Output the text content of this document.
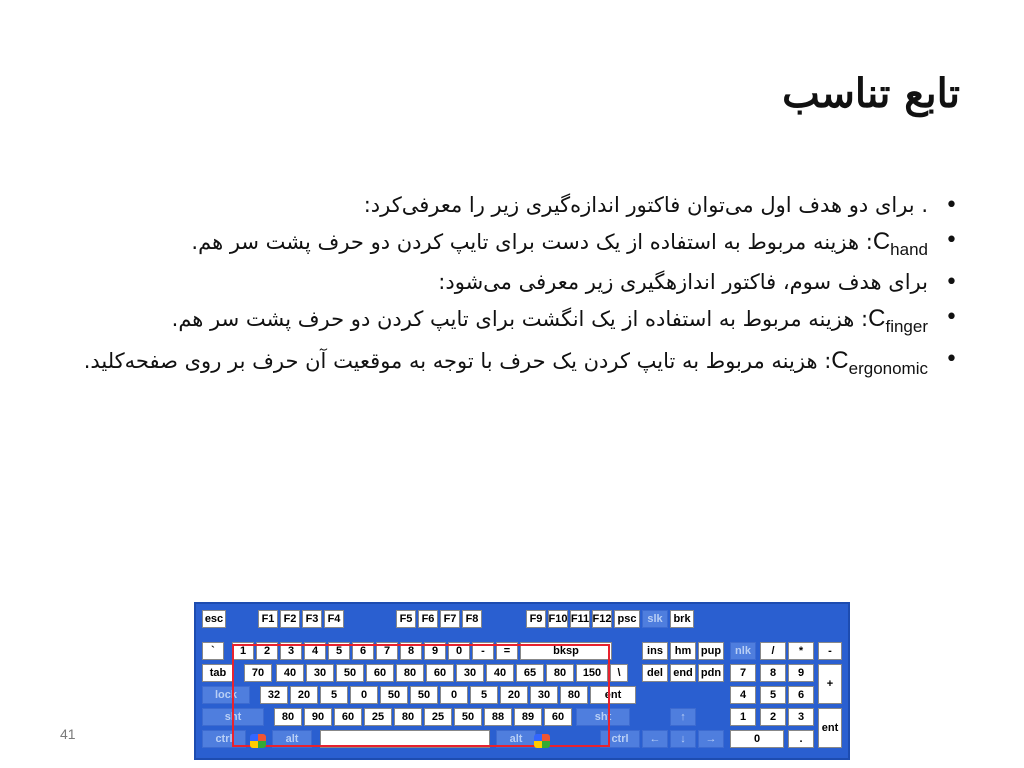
تابع تناسب
•
. برای دو هدف اول می‌توان فاکتور اندازه‌گیری زیر را معرفی‌کرد:
•
$C_{hand}$: هزینه مربوط به استفاده از یک دست برای تایپ کردن دو حرف پشت سر هم.
•
برای هدف سوم، فاکتور اندازهگیری زیر معرفی می‌شود:
•
$C_{finger}$: هزینه مربوط به استفاده از یک انگشت برای تایپ کردن دو حرف پشت سر هم.
•
$C_{ergonomic}$: هزینه مربوط به تایپ کردن یک حرف با توجه به موقعیت آن حرف بر روی صفحه‌کلید.
.
0
→
↓
←
ctrl
alt
alt
ctrl
ent
3
2
1
↑
sht
60
89
88
50
25
80
25
60
90
80
sht
6
5
4
ent
80
30
20
5
0
50
50
0
5
20
32
lock
+
9
8
7
pdn
end
del
\
150
80
65
40
30
60
80
60
50
30
40
70
tab
-
*
/
nlk
pup
hm
ins
bksp
=
-
0
9
8
7
6
5
4
3
2
1
`
brk
slk
psc
F12
F11
F10
F9
F8
F7
F6
F5
F4
F3
F2
F1
esc
41
